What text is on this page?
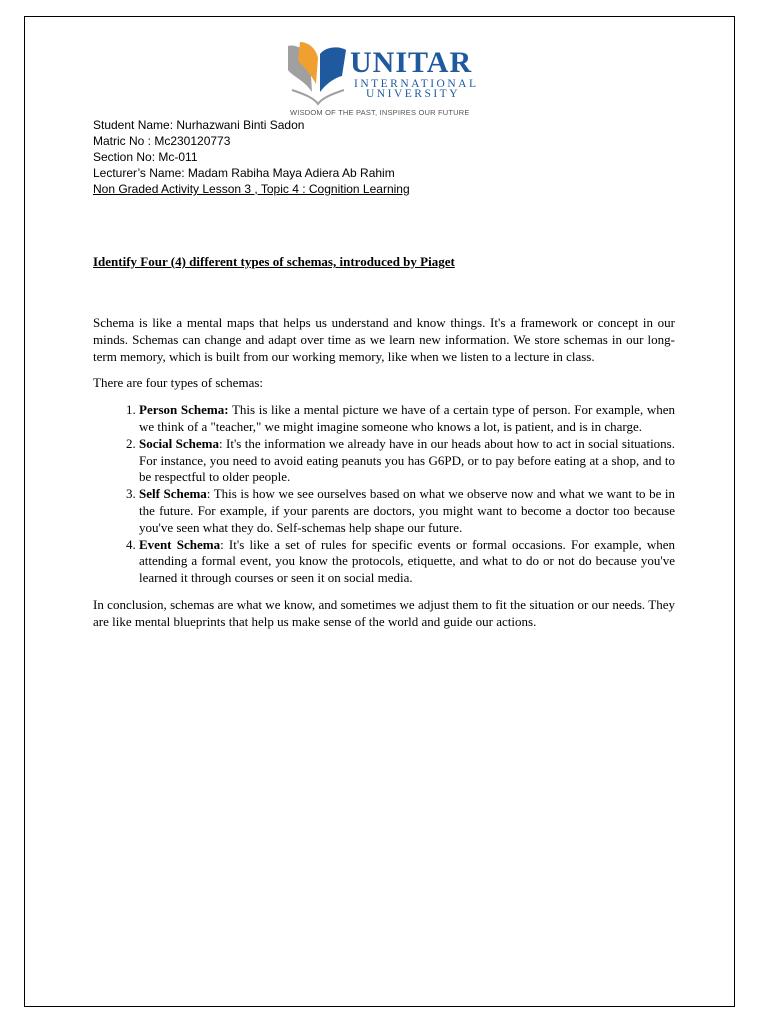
UNITAR
INTERNATIONAL
UNIVERSITY
WISDOM OF THE PAST, INSPIRES OUR FUTURE
Student Name: Nurhazwani Binti Sadon
Matric No : Mc230120773
Section No: Mc-011
Lecturer’s Name: Madam Rabiha Maya Adiera Ab Rahim
Non Graded Activity Lesson 3 , Topic 4 : Cognition Learning
Identify Four (4) different types of schemas, introduced by Piaget

Schema is like a mental maps that helps us understand and know things. It's a framework or concept in our minds. Schemas can change and adapt over time as we learn new information. We store schemas in our long-term memory, which is built from our working memory, like when we listen to a lecture in class.

There are four types of schemas:

1. Person Schema: This is like a mental picture we have of a certain type of person. For example, when we think of a "teacher," we might imagine someone who knows a lot, is patient, and is in charge.
2. Social Schema: It's the information we already have in our heads about how to act in social situations. For instance, you need to avoid eating peanuts you has G6PD, or to pay before eating at a shop, and to be respectful to older people.
3. Self Schema: This is how we see ourselves based on what we observe now and what we want to be in the future. For example, if your parents are doctors, you might want to become a doctor too because you've seen what they do. Self-schemas help shape our future.
4. Event Schema: It's like a set of rules for specific events or formal occasions. For example, when attending a formal event, you know the protocols, etiquette, and what to do or not do because you've learned it through courses or seen it on social media.

In conclusion, schemas are what we know, and sometimes we adjust them to fit the situation or our needs. They are like mental blueprints that help us make sense of the world and guide our actions.
